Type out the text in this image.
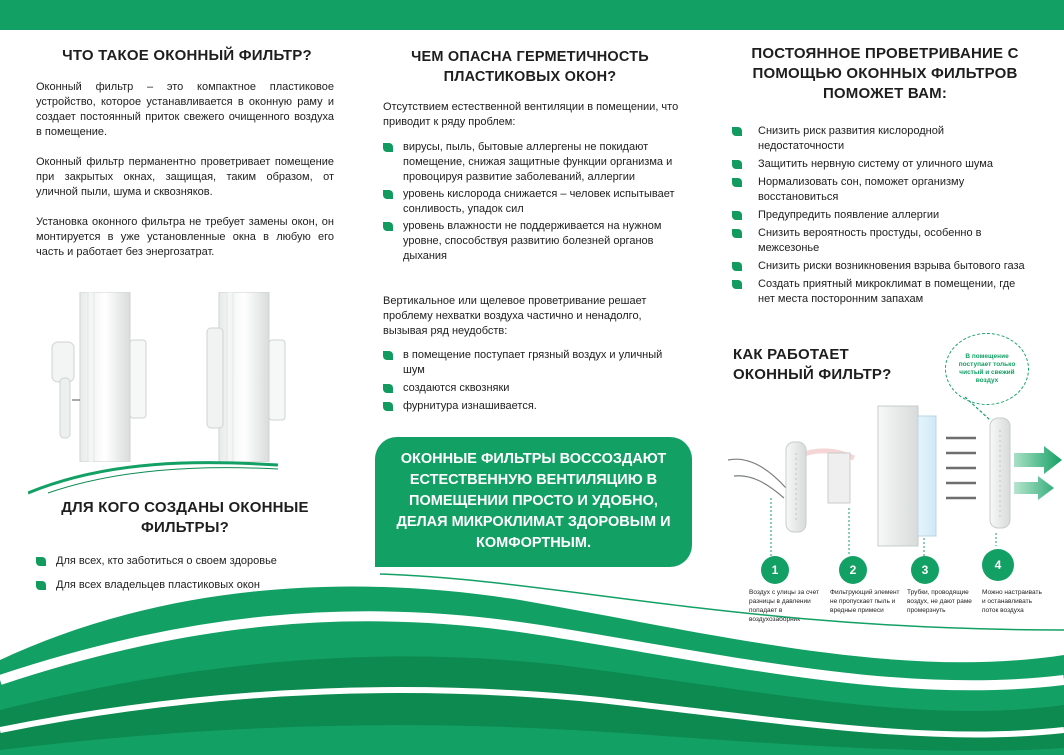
ЧТО ТАКОЕ ОКОННЫЙ ФИЛЬТР?

Оконный фильтр – это компактное пластиковое устройство, которое устанавливается в оконную раму и создает постоянный приток свежего очищенного воздуха в помещение.

Оконный фильтр перманентно проветривает помещение при закрытых окнах, защищая, таким образом, от уличной пыли, шума и сквозняков.

Установка оконного фильтра не требует замены окон, он монтируется в уже установленные окна в любую его часть и работает без энергозатрат.

ДЛЯ КОГО СОЗДАНЫ ОКОННЫЕ ФИЛЬТРЫ?
Для всех, кто заботиться о своем здоровье
Для всех владельцев пластиковых окон
ЧЕМ ОПАСНА ГЕРМЕТИЧНОСТЬ ПЛАСТИКОВЫХ ОКОН?

Отсутствием естественной вентиляции в помещении, что приводит к ряду проблем:

вирусы, пыль, бытовые аллергены не покидают помещение, снижая защитные функции организма и провоцируя развитие заболеваний, аллергии
уровень кислорода снижается – человек испытывает сонливость, упадок сил
уровень влажности не поддерживается на нужном уровне, способствуя развитию болезней органов дыхания

Вертикальное или щелевое проветривание решает проблему нехватки воздуха частично и ненадолго, вызывая ряд неудобств:

в помещение поступает грязный воздух и уличный шум
создаются сквозняки
фурнитура изнашивается.
ОКОННЫЕ ФИЛЬТРЫ ВОССОЗДАЮТ ЕСТЕСТВЕННУЮ ВЕНТИЛЯЦИЮ В ПОМЕЩЕНИИ ПРОСТО И УДОБНО, ДЕЛАЯ МИКРОКЛИМАТ ЗДОРОВЫМ И КОМФОРТНЫМ.
ПОСТОЯННОЕ ПРОВЕТРИВАНИЕ С ПОМОЩЬЮ ОКОННЫХ ФИЛЬТРОВ ПОМОЖЕТ ВАМ:
Снизить риск развития кислородной недостаточности
Защитить нервную систему от уличного шума
Нормализовать сон, поможет организму восстановиться
Предупредить появление аллергии
Снизить вероятность простуды, особенно в межсезонье
Снизить риски возникновения взрыва бытового газа
Создать приятный микроклимат в помещении, где нет места посторонним запахам
КАК РАБОТАЕТ ОКОННЫЙ ФИЛЬТР?
В помещение поступает только чистый и свежий воздух
1	2	3	4
Воздух с улицы за счет разницы в давлении попадает в воздухозаборник
Фильтрующий элемент не пропускает пыль и вредные примеси
Трубки, проводящие воздух, не дают раме промерзнуть
Можно настраивать и останавливать поток воздуха
